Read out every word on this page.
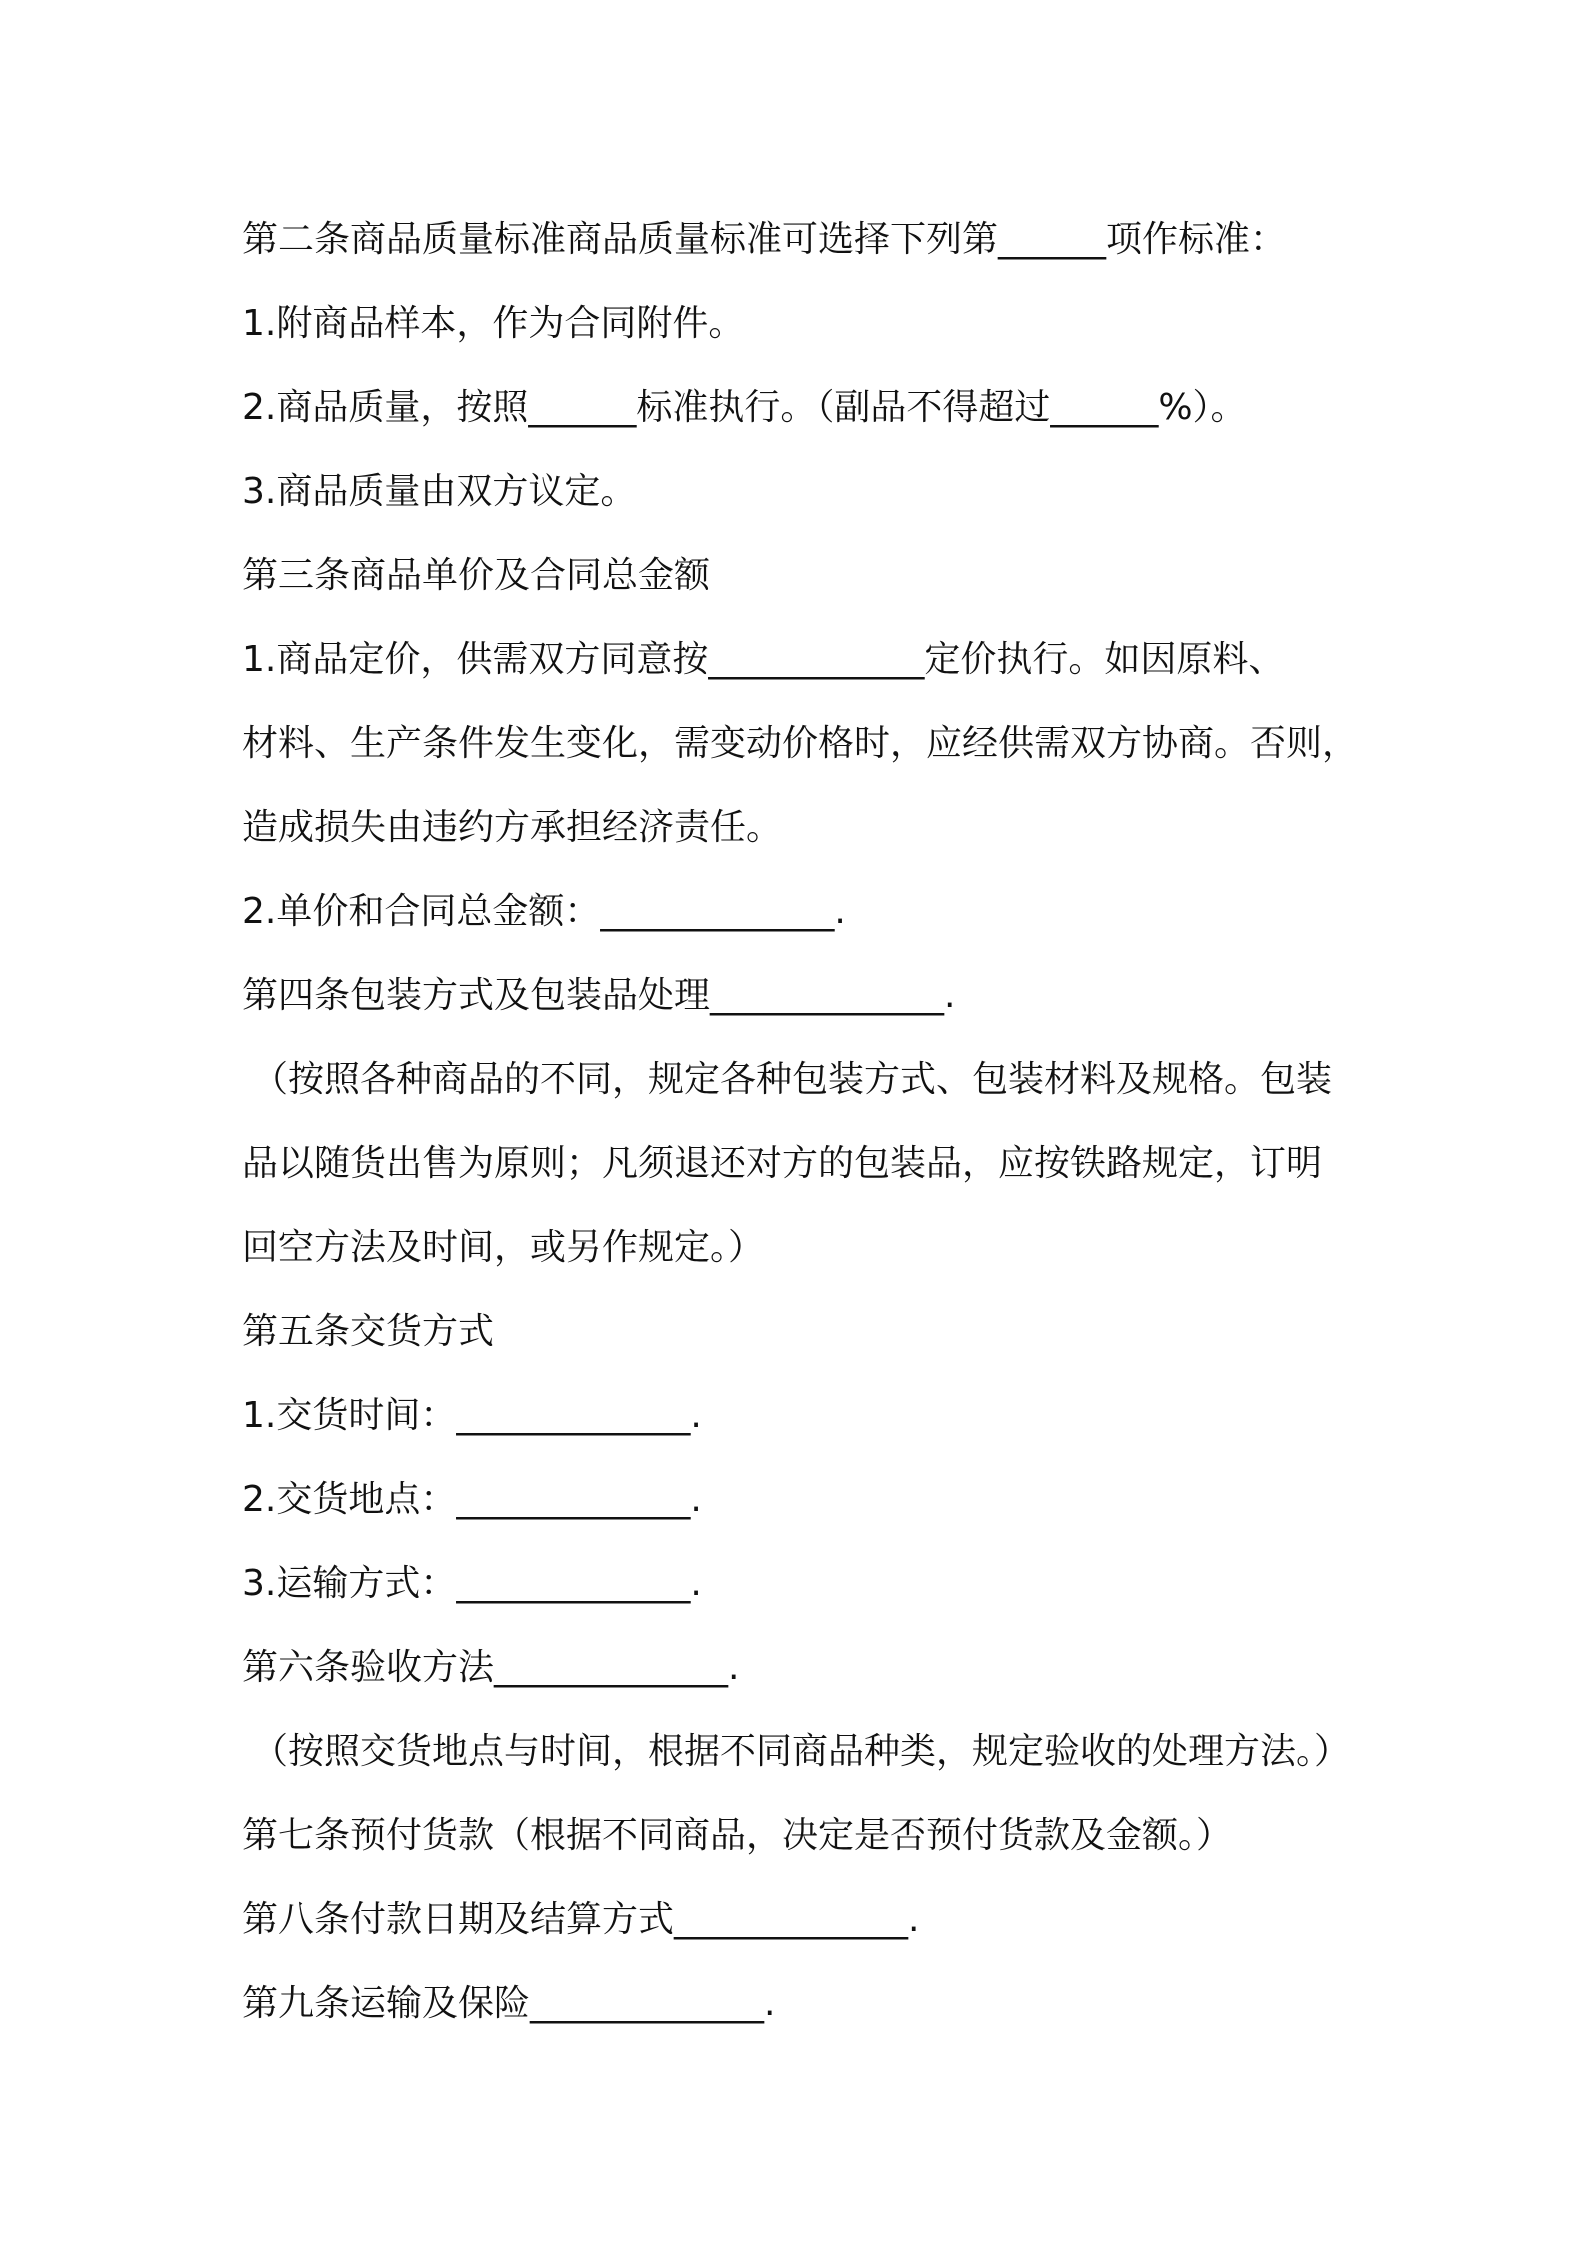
第二条商品质量标准商品质量标准可选择下列第______项作标准：
1.附商品样本，作为合同附件。
2.商品质量，按照______标准执行。（副品不得超过______%）。
3.商品质量由双方议定。
第三条商品单价及合同总金额
1.商品定价，供需双方同意按____________定价执行。如因原料、
材料、生产条件发生变化，需变动价格时，应经供需双方协商。否则，
造成损失由违约方承担经济责任。
2.单价和合同总金额：_____________.
第四条包装方式及包装品处理_____________.
（按照各种商品的不同，规定各种包装方式、包装材料及规格。包装
品以随货出售为原则；凡须退还对方的包装品，应按铁路规定，订明
回空方法及时间，或另作规定。）
第五条交货方式
1.交货时间：_____________.
2.交货地点：_____________.
3.运输方式：_____________.
第六条验收方法_____________.
（按照交货地点与时间，根据不同商品种类，规定验收的处理方法。）
第七条预付货款（根据不同商品，决定是否预付货款及金额。）
第八条付款日期及结算方式_____________.
第九条运输及保险_____________.
